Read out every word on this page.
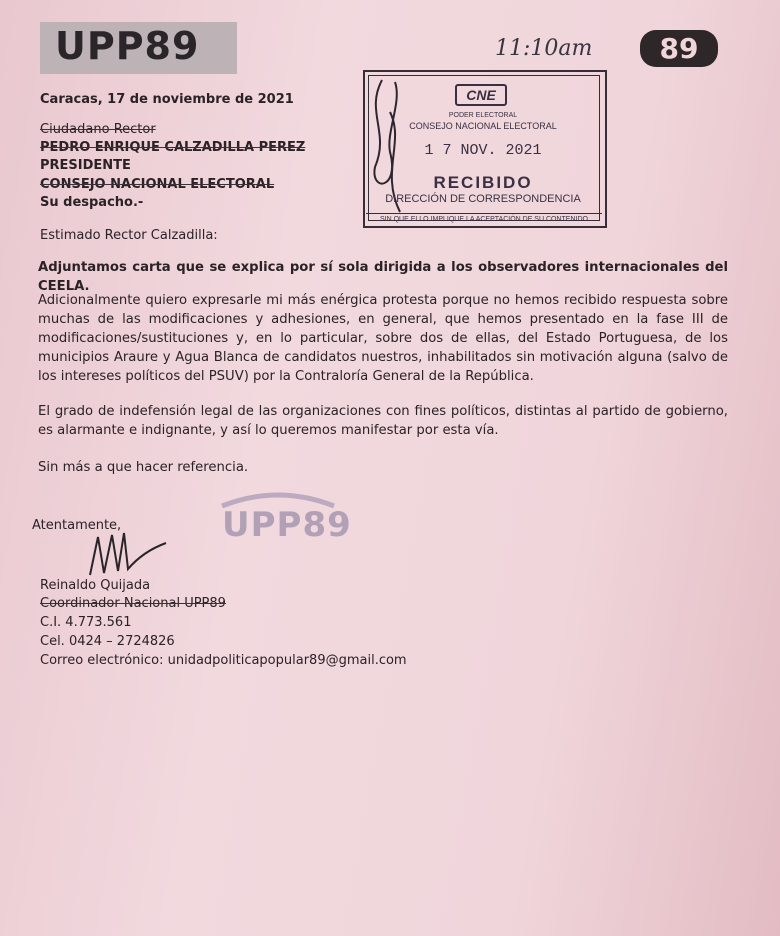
UPP89	89
11:10am
Caracas, 17 de noviembre de 2021
Ciudadano Rector
PEDRO ENRIQUE CALZADILLA PEREZ
PRESIDENTE
CONSEJO NACIONAL ELECTORAL
Su despacho.-
CNE
PODER ELECTORAL
CONSEJO NACIONAL ELECTORAL
1 7 NOV. 2021
RECIBIDO
DIRECCIÓN DE CORRESPONDENCIA
SIN QUE ELLO IMPLIQUE LA ACEPTACIÓN DE SU CONTENIDO
Estimado Rector Calzadilla:
Adjuntamos carta que se explica por sí sola dirigida a los observadores internacionales del CEELA.
Adicionalmente quiero expresarle mi más enérgica protesta porque no hemos recibido respuesta sobre muchas de las modificaciones y adhesiones, en general, que hemos presentado en la fase III de modificaciones/sustituciones y, en lo particular, sobre dos de ellas, del Estado Portuguesa, de los municipios Araure y Agua Blanca de candidatos nuestros, inhabilitados sin motivación alguna (salvo de los intereses políticos del PSUV) por la Contraloría General de la República.
El grado de indefensión legal de las organizaciones con fines políticos, distintas al partido de gobierno, es alarmante e indignante, y así lo queremos manifestar por esta vía.
Sin más a que hacer referencia.
Atentamente,	UPP89
Reinaldo Quijada
Coordinador Nacional UPP89
C.I. 4.773.561
Cel. 0424 – 2724826
Correo electrónico: unidadpoliticapopular89@gmail.com
